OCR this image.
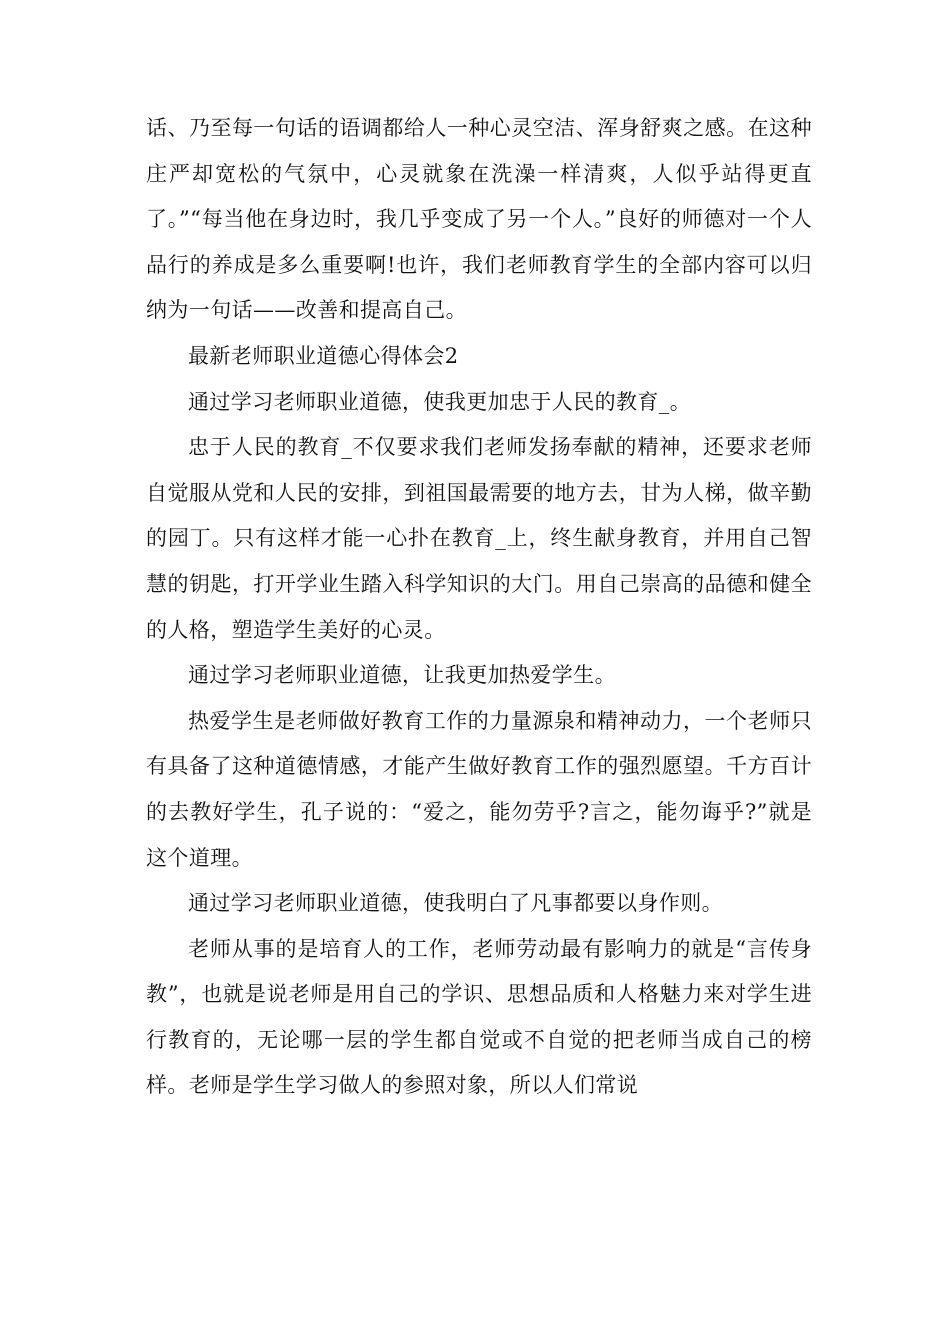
话、乃至每一句话的语调都给人一种心灵空洁、浑身舒爽之感。在这种庄严却宽松的气氛中，心灵就象在洗澡一样清爽，人似乎站得更直了。”“每当他在身边时，我几乎变成了另一个人。”良好的师德对一个人品行的养成是多么重要啊!也许，我们老师教育学生的全部内容可以归纳为一句话——改善和提高自己。

最新老师职业道德心得体会2

通过学习老师职业道德，使我更加忠于人民的教育_。

忠于人民的教育_不仅要求我们老师发扬奉献的精神，还要求老师自觉服从党和人民的安排，到祖国最需要的地方去，甘为人梯，做辛勤的园丁。只有这样才能一心扑在教育_上，终生献身教育，并用自己智慧的钥匙，打开学业生踏入科学知识的大门。用自己崇高的品德和健全的人格，塑造学生美好的心灵。

通过学习老师职业道德，让我更加热爱学生。

热爱学生是老师做好教育工作的力量源泉和精神动力，一个老师只有具备了这种道德情感，才能产生做好教育工作的强烈愿望。千方百计的去教好学生，孔子说的：“爱之，能勿劳乎?言之，能勿诲乎?”就是这个道理。

通过学习老师职业道德，使我明白了凡事都要以身作则。

老师从事的是培育人的工作，老师劳动最有影响力的就是“言传身教”，也就是说老师是用自己的学识、思想品质和人格魅力来对学生进行教育的，无论哪一层的学生都自觉或不自觉的把老师当成自己的榜样。老师是学生学习做人的参照对象，所以人们常说
